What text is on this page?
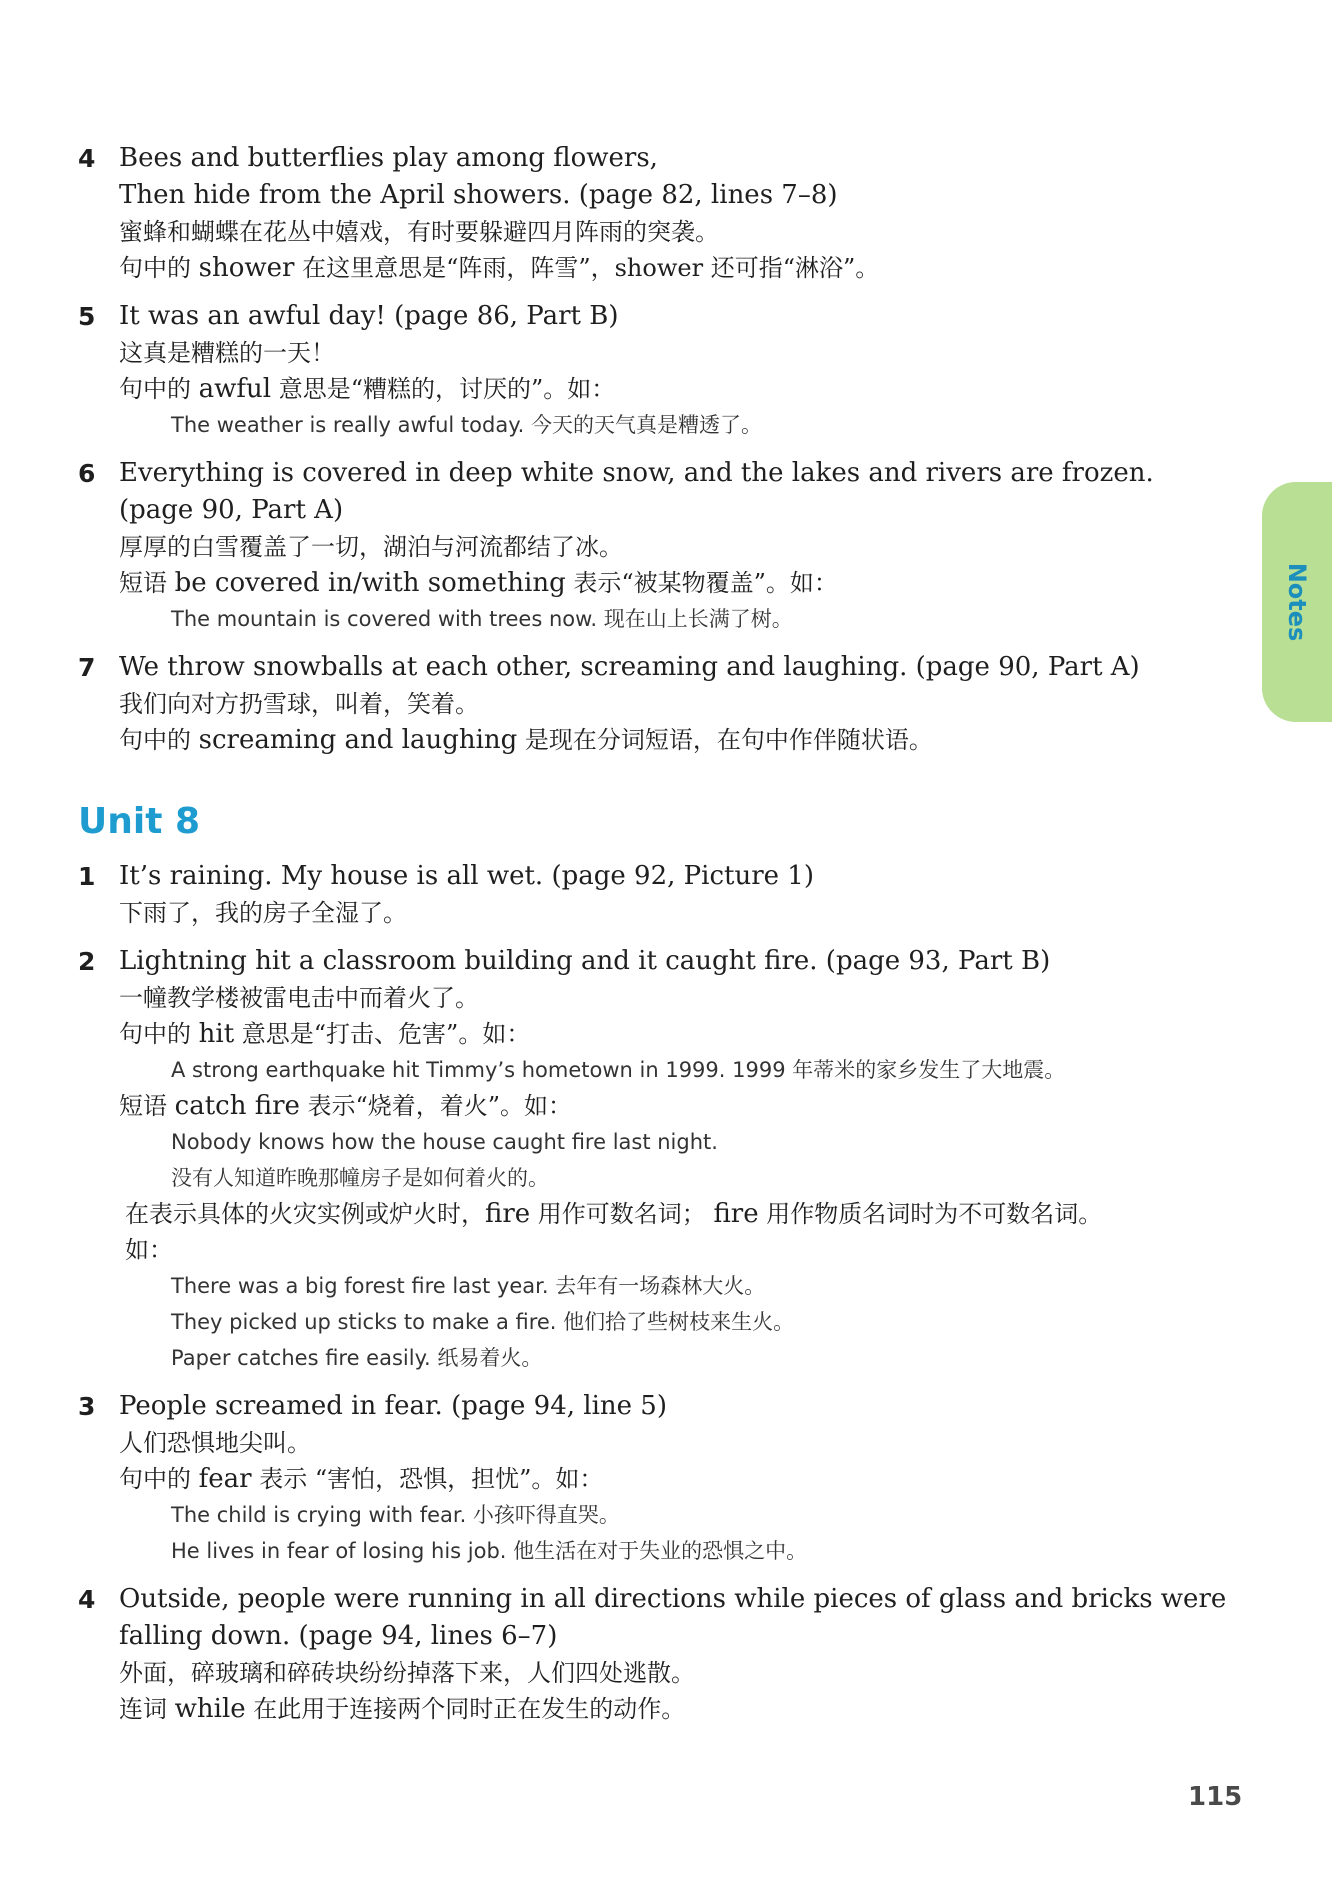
Notes
4 Bees and butterflies play among flowers,
Then hide from the April showers. (page 82, lines 7–8)
蜜蜂和蝴蝶在花丛中嬉戏，有时要躲避四月阵雨的突袭。
句中的 shower 在这里意思是“阵雨，阵雪”，shower 还可指“淋浴”。
5 It was an awful day! (page 86, Part B)
这真是糟糕的一天！
句中的 awful 意思是“糟糕的，讨厌的”。如：
The weather is really awful today. 今天的天气真是糟透了。
6 Everything is covered in deep white snow, and the lakes and rivers are frozen.
(page 90, Part A)
厚厚的白雪覆盖了一切，湖泊与河流都结了冰。
短语 be covered in/with something 表示“被某物覆盖”。如：
The mountain is covered with trees now. 现在山上长满了树。
7 We throw snowballs at each other, screaming and laughing. (page 90, Part A)
我们向对方扔雪球，叫着，笑着。
句中的 screaming and laughing 是现在分词短语，在句中作伴随状语。
Unit 8
1 It’s raining. My house is all wet. (page 92, Picture 1)
下雨了，我的房子全湿了。
2 Lightning hit a classroom building and it caught fire. (page 93, Part B)
一幢教学楼被雷电击中而着火了。
句中的 hit 意思是“打击、危害”。如：
A strong earthquake hit Timmy’s hometown in 1999. 1999 年蒂米的家乡发生了大地震。
短语 catch fire 表示“烧着，着火”。如：
Nobody knows how the house caught fire last night.
没有人知道昨晚那幢房子是如何着火的。
在表示具体的火灾实例或炉火时，fire 用作可数名词； fire 用作物质名词时为不可数名词。
如：
There was a big forest fire last year. 去年有一场森林大火。
They picked up sticks to make a fire. 他们拾了些树枝来生火。
Paper catches fire easily. 纸易着火。
3 People screamed in fear. (page 94, line 5)
人们恐惧地尖叫。
句中的 fear 表示 “害怕，恐惧，担忧”。如：
The child is crying with fear. 小孩吓得直哭。
He lives in fear of losing his job. 他生活在对于失业的恐惧之中。
4 Outside, people were running in all directions while pieces of glass and bricks were
falling down. (page 94, lines 6–7)
外面，碎玻璃和碎砖块纷纷掉落下来，人们四处逃散。
连词 while 在此用于连接两个同时正在发生的动作。
115
